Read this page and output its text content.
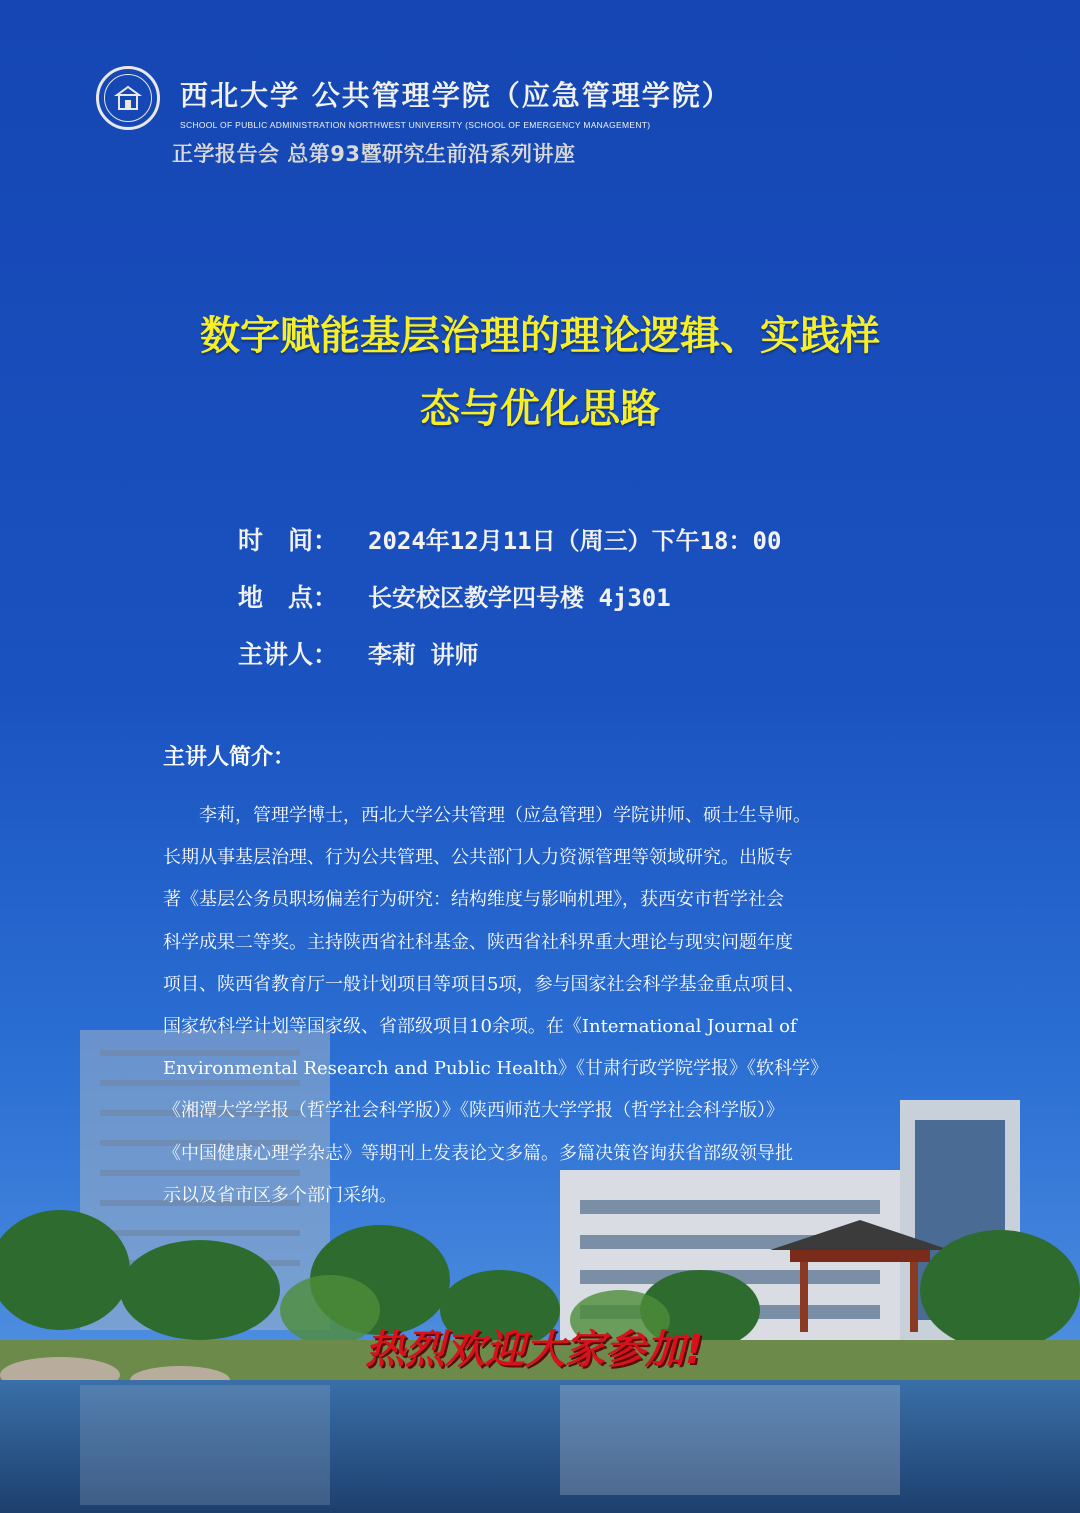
西北大学 公共管理学院（应急管理学院）
SCHOOL OF PUBLIC ADMINISTRATION NORTHWEST UNIVERSITY (SCHOOL OF EMERGENCY MANAGEMENT)
正学报告会 总第93暨研究生前沿系列讲座
数字赋能基层治理的理论逻辑、实践样
态与优化思路
时　间：	2024年12月11日（周三）下午18：00
地　点：	长安校区教学四号楼 4j301
主讲人：	李莉 讲师
主讲人简介：
　　李莉，管理学博士，西北大学公共管理（应急管理）学院讲师、硕士生导师。
长期从事基层治理、行为公共管理、公共部门人力资源管理等领域研究。出版专
著《基层公务员职场偏差行为研究：结构维度与影响机理》，获西安市哲学社会
科学成果二等奖。主持陕西省社科基金、陕西省社科界重大理论与现实问题年度
项目、陕西省教育厅一般计划项目等项目5项，参与国家社会科学基金重点项目、
国家软科学计划等国家级、省部级项目10余项。在《International Journal of
Environmental Research and Public Health》《甘肃行政学院学报》《软科学》
《湘潭大学学报（哲学社会科学版）》《陕西师范大学学报（哲学社会科学版）》
《中国健康心理学杂志》等期刊上发表论文多篇。多篇决策咨询获省部级领导批
示以及省市区多个部门采纳。
热烈欢迎大家参加!
